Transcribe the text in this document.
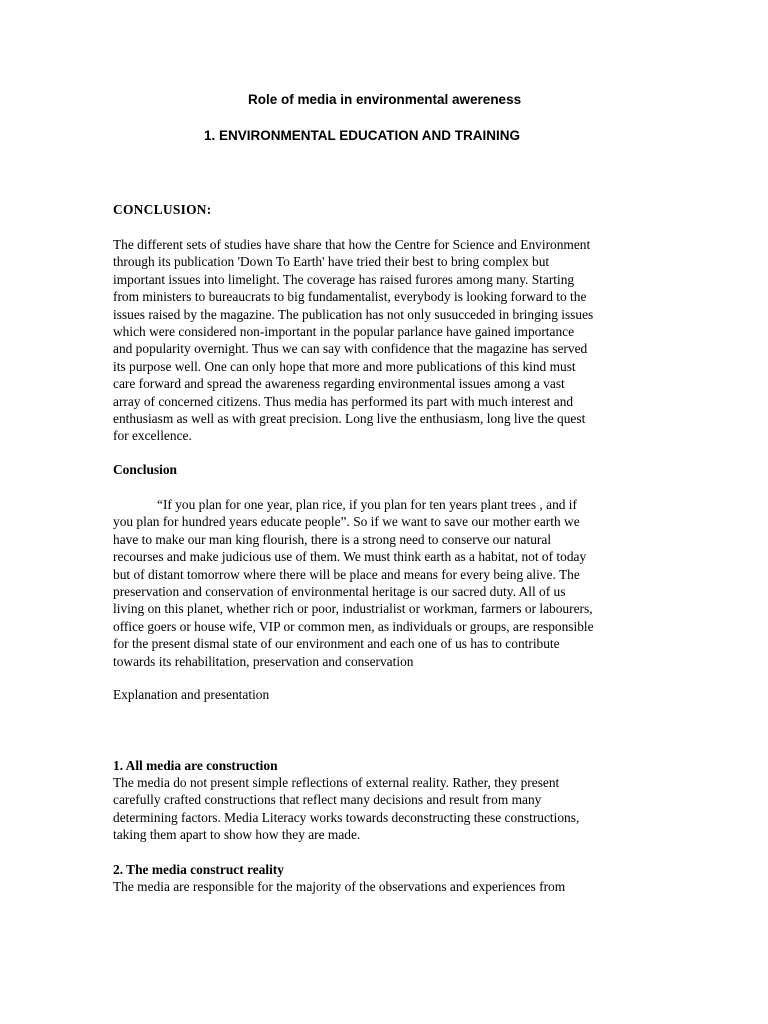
Role of media in environmental awereness
1. ENVIRONMENTAL EDUCATION AND TRAINING
CONCLUSION:
The different sets of studies have share that how the Centre for Science and Environment
through its publication 'Down To Earth' have tried their best to bring complex but
important issues into limelight. The coverage has raised furores among many. Starting
from ministers to bureaucrats to big fundamentalist, everybody is looking forward to the
issues raised by the magazine. The publication has not only susucceded in bringing issues
which were considered non-important in the popular parlance have gained importance
and popularity overnight. Thus we can say with confidence that the magazine has served
its purpose well. One can only hope that more and more publications of this kind must
care forward and spread the awareness regarding environmental issues among a vast
array of concerned citizens. Thus media has performed its part with much interest and
enthusiasm as well as with great precision. Long live the enthusiasm, long live the quest
for excellence.
Conclusion
“If you plan for one year, plan rice, if you plan for ten years plant trees , and if
you plan for hundred years educate people”. So if we want to save our mother earth we
have to make our man king flourish, there is a strong need to conserve our natural
recourses and make judicious use of them. We must think earth as a habitat, not of today
but of distant tomorrow where there will be place and means for every being alive. The
preservation and conservation of environmental heritage is our sacred duty. All of us
living on this planet, whether rich or poor, industrialist or workman, farmers or labourers,
office goers or house wife, VIP or common men, as individuals or groups, are responsible
for the present dismal state of our environment and each one of us has to contribute
towards its rehabilitation, preservation and conservation
Explanation and presentation
1. All media are construction
The media do not present simple reflections of external reality. Rather, they present
carefully crafted constructions that reflect many decisions and result from many
determining factors. Media Literacy works towards deconstructing these constructions,
taking them apart to show how they are made.
2. The media construct reality
The media are responsible for the majority of the observations and experiences from
